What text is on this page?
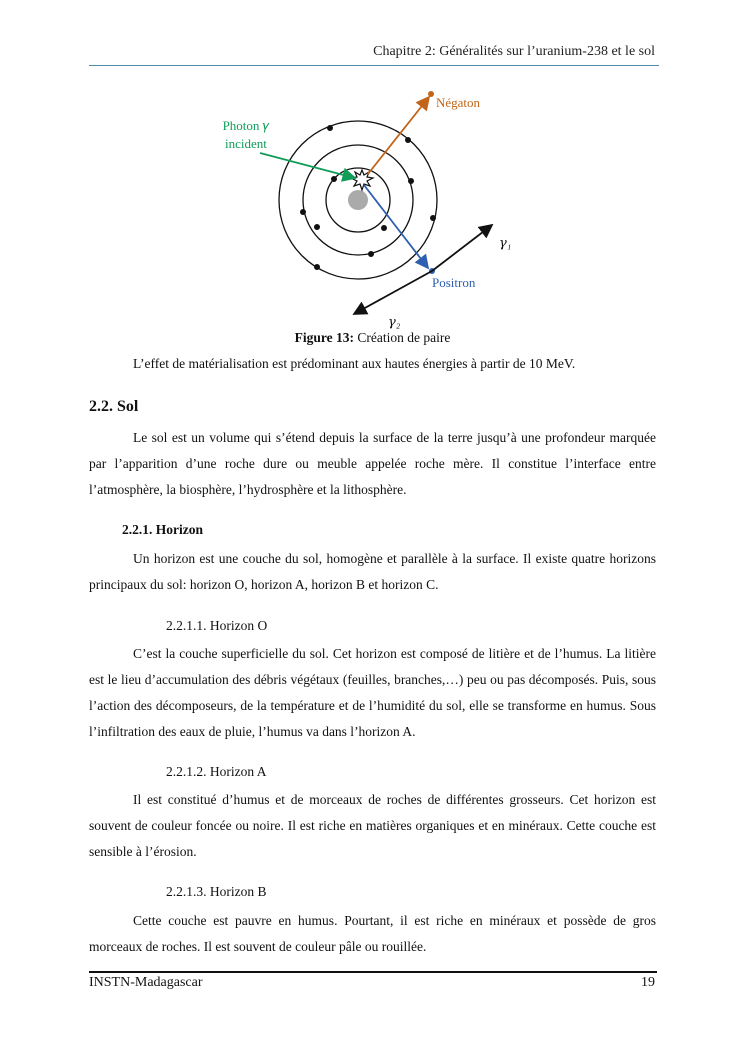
Chapitre 2: Généralités sur l’uranium-238 et le sol
Photon 𝛾
incident
Négaton
Positron
𝛾₁
𝛾₂
Figure 13: Création de paire
L’effet de matérialisation est prédominant aux hautes énergies à partir de 10 MeV.
2.2. Sol
Le sol est un volume qui s’étend depuis la surface de la terre jusqu’à une profondeur marquée par l’apparition d’une roche dure ou meuble appelée roche mère. Il constitue l’interface entre l’atmosphère, la biosphère, l’hydrosphère et la lithosphère.
2.2.1. Horizon
Un horizon est une couche du sol, homogène et parallèle à la surface. Il existe quatre horizons principaux du sol: horizon O, horizon A, horizon B et horizon C.
2.2.1.1. Horizon O
C’est la couche superficielle du sol. Cet horizon est composé de litière et de l’humus. La litière est le lieu d’accumulation des débris végétaux (feuilles, branches,…) peu ou pas décomposés. Puis, sous l’action des décomposeurs, de la température et de l’humidité du sol, elle se transforme en humus. Sous l’infiltration des eaux de pluie, l’humus va dans l’horizon A.
2.2.1.2. Horizon A
Il est constitué d’humus et de morceaux de roches de différentes grosseurs. Cet horizon est souvent de couleur foncée ou noire. Il est riche en matières organiques et en minéraux. Cette couche est sensible à l’érosion.
2.2.1.3. Horizon B
Cette couche est pauvre en humus. Pourtant, il est riche en minéraux et possède de gros morceaux de roches. Il est souvent de couleur pâle ou rouillée.
INSTN-Madagascar	19
